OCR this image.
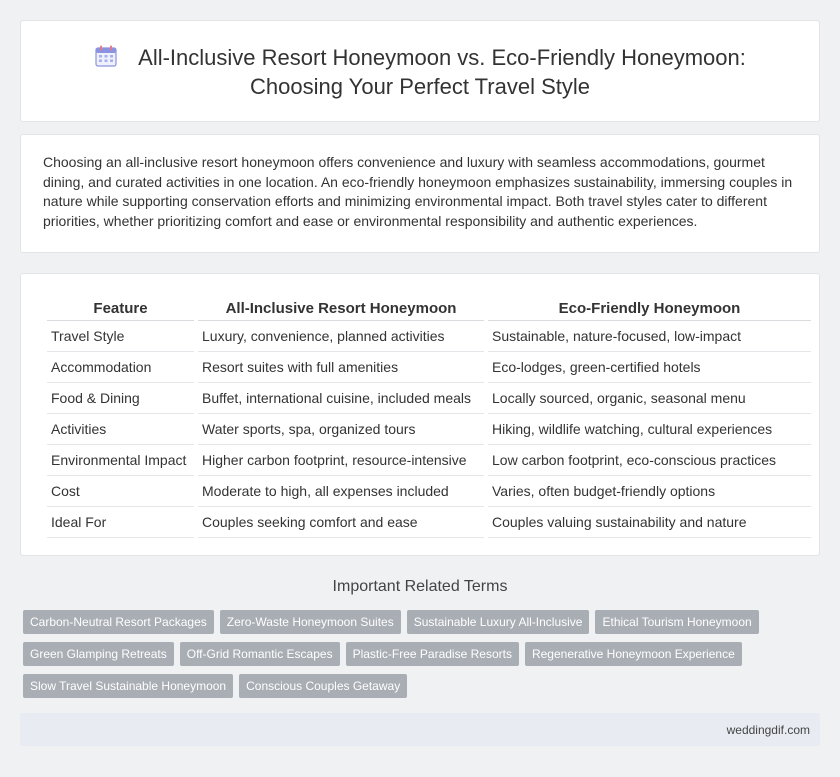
All-Inclusive Resort Honeymoon vs. Eco-Friendly Honeymoon:
Choosing Your Perfect Travel Style

Choosing an all-inclusive resort honeymoon offers convenience and luxury with seamless accommodations, gourmet dining, and curated activities in one location. An eco-friendly honeymoon emphasizes sustainability, immersing couples in nature while supporting conservation efforts and minimizing environmental impact. Both travel styles cater to different priorities, whether prioritizing comfort and ease or environmental responsibility and authentic experiences.

Feature	All-Inclusive Resort Honeymoon	Eco-Friendly Honeymoon
Travel Style	Luxury, convenience, planned activities	Sustainable, nature-focused, low-impact
Accommodation	Resort suites with full amenities	Eco-lodges, green-certified hotels
Food & Dining	Buffet, international cuisine, included meals	Locally sourced, organic, seasonal menu
Activities	Water sports, spa, organized tours	Hiking, wildlife watching, cultural experiences
Environmental Impact	Higher carbon footprint, resource-intensive	Low carbon footprint, eco-conscious practices
Cost	Moderate to high, all expenses included	Varies, often budget-friendly options
Ideal For	Couples seeking comfort and ease	Couples valuing sustainability and nature
Important Related Terms
Carbon-Neutral Resort Packages Zero-Waste Honeymoon Suites Sustainable Luxury All-Inclusive Ethical Tourism Honeymoon Green Glamping Retreats Off-Grid Romantic Escapes Plastic-Free Paradise Resorts Regenerative Honeymoon Experience Slow Travel Sustainable Honeymoon Conscious Couples Getaway
weddingdif.com
